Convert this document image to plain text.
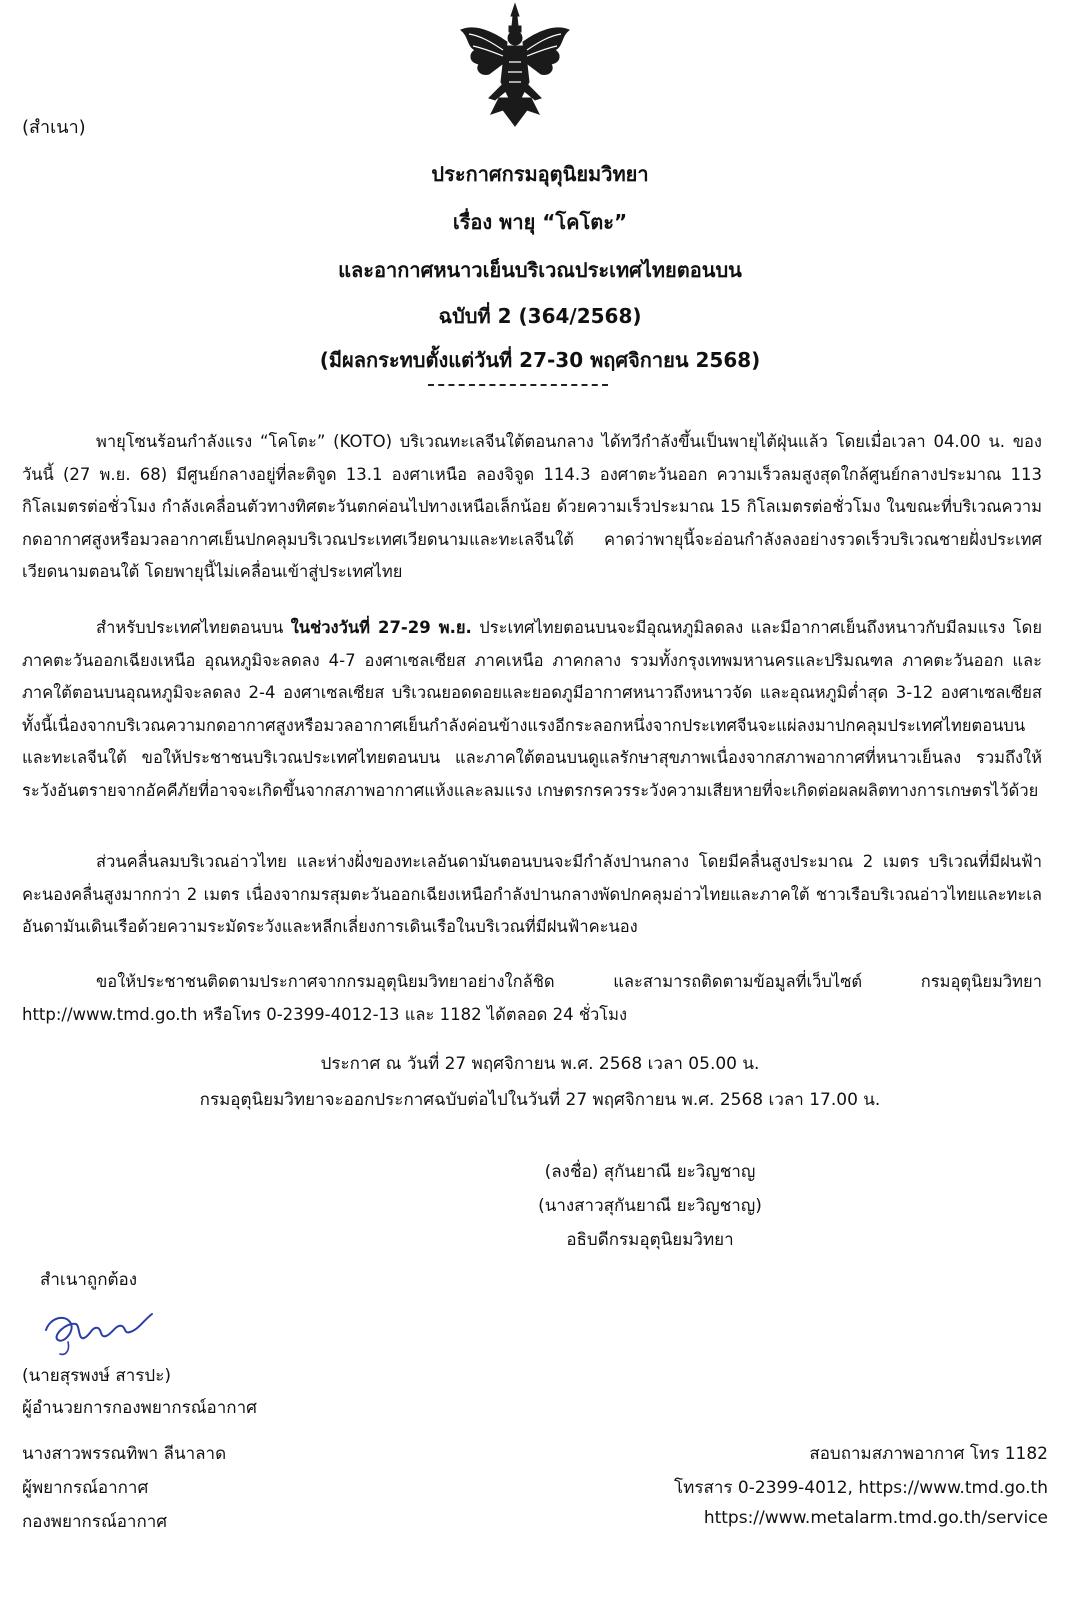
(สำเนา)
ประกาศกรมอุตุนิยมวิทยา
เรื่อง พายุ “โคโตะ”
และอากาศหนาวเย็นบริเวณประเทศไทยตอนบน
ฉบับที่ 2 (364/2568)
(มีผลกระทบตั้งแต่วันที่ 27-30 พฤศจิกายน 2568)

พายุโซนร้อนกำลังแรง “โคโตะ” (KOTO) บริเวณทะเลจีนใต้ตอนกลาง ได้ทวีกำลังขึ้นเป็นพายุไต้ฝุ่นแล้ว โดยเมื่อเวลา 04.00 น. ของวันนี้ (27 พ.ย. 68) มีศูนย์กลางอยู่ที่ละติจูด 13.1 องศาเหนือ ลองจิจูด 114.3 องศาตะวันออก ความเร็วลมสูงสุดใกล้ศูนย์กลางประมาณ 113 กิโลเมตรต่อชั่วโมง กำลังเคลื่อนตัวทางทิศตะวันตกค่อนไปทางเหนือเล็กน้อย ด้วยความเร็วประมาณ 15 กิโลเมตรต่อชั่วโมง ในขณะที่บริเวณความกดอากาศสูงหรือมวลอากาศเย็นปกคลุมบริเวณประเทศเวียดนามและทะเลจีนใต้ คาดว่าพายุนี้จะอ่อนกำลังลงอย่างรวดเร็วบริเวณชายฝั่งประเทศเวียดนามตอนใต้ โดยพายุนี้ไม่เคลื่อนเข้าสู่ประเทศไทย

สำหรับประเทศไทยตอนบน ในช่วงวันที่ 27-29 พ.ย. ประเทศไทยตอนบนจะมีอุณหภูมิลดลง และมีอากาศเย็นถึงหนาวกับมีลมแรง โดยภาคตะวันออกเฉียงเหนือ อุณหภูมิจะลดลง 4-7 องศาเซลเซียส ภาคเหนือ ภาคกลาง รวมทั้งกรุงเทพมหานครและปริมณฑล ภาคตะวันออก และภาคใต้ตอนบนอุณหภูมิจะลดลง 2-4 องศาเซลเซียส บริเวณยอดดอยและยอดภูมีอากาศหนาวถึงหนาวจัด และอุณหภูมิต่ำสุด 3-12 องศาเซลเซียส ทั้งนี้เนื่องจากบริเวณความกดอากาศสูงหรือมวลอากาศเย็นกำลังค่อนข้างแรงอีกระลอกหนึ่งจากประเทศจีนจะแผ่ลงมาปกคลุมประเทศไทยตอนบน และทะเลจีนใต้ ขอให้ประชาชนบริเวณประเทศไทยตอนบน และภาคใต้ตอนบนดูแลรักษาสุขภาพเนื่องจากสภาพอากาศที่หนาวเย็นลง รวมถึงให้ระวังอันตรายจากอัคคีภัยที่อาจจะเกิดขึ้นจากสภาพอากาศแห้งและลมแรง เกษตรกรควรระวังความเสียหายที่จะเกิดต่อผลผลิตทางการเกษตรไว้ด้วย

ส่วนคลื่นลมบริเวณอ่าวไทย และห่างฝั่งของทะเลอันดามันตอนบนจะมีกำลังปานกลาง โดยมีคลื่นสูงประมาณ 2 เมตร บริเวณที่มีฝนฟ้าคะนองคลื่นสูงมากกว่า 2 เมตร เนื่องจากมรสุมตะวันออกเฉียงเหนือกำลังปานกลางพัดปกคลุมอ่าวไทยและภาคใต้ ชาวเรือบริเวณอ่าวไทยและทะเลอันดามันเดินเรือด้วยความระมัดระวังและหลีกเลี่ยงการเดินเรือในบริเวณที่มีฝนฟ้าคะนอง

ขอให้ประชาชนติดตามประกาศจากกรมอุตุนิยมวิทยาอย่างใกล้ชิด และสามารถติดตามข้อมูลที่เว็บไซต์ กรมอุตุนิยมวิทยา http://www.tmd.go.th หรือโทร 0-2399-4012-13 และ 1182 ได้ตลอด 24 ชั่วโมง

ประกาศ ณ วันที่ 27 พฤศจิกายน พ.ศ. 2568 เวลา 05.00 น.
กรมอุตุนิยมวิทยาจะออกประกาศฉบับต่อไปในวันที่ 27 พฤศจิกายน พ.ศ. 2568 เวลา 17.00 น.
(ลงชื่อ) สุกันยาณี ยะวิญชาญ
(นางสาวสุกันยาณี ยะวิญชาญ)
อธิบดีกรมอุตุนิยมวิทยา
สำเนาถูกต้อง
(นายสุรพงษ์ สารปะ)
ผู้อำนวยการกองพยากรณ์อากาศ
นางสาวพรรณทิพา ลีนาลาด
ผู้พยากรณ์อากาศ
กองพยากรณ์อากาศ
สอบถามสภาพอากาศ โทร 1182
โทรสาร 0-2399-4012, https://www.tmd.go.th
https://www.metalarm.tmd.go.th/service
